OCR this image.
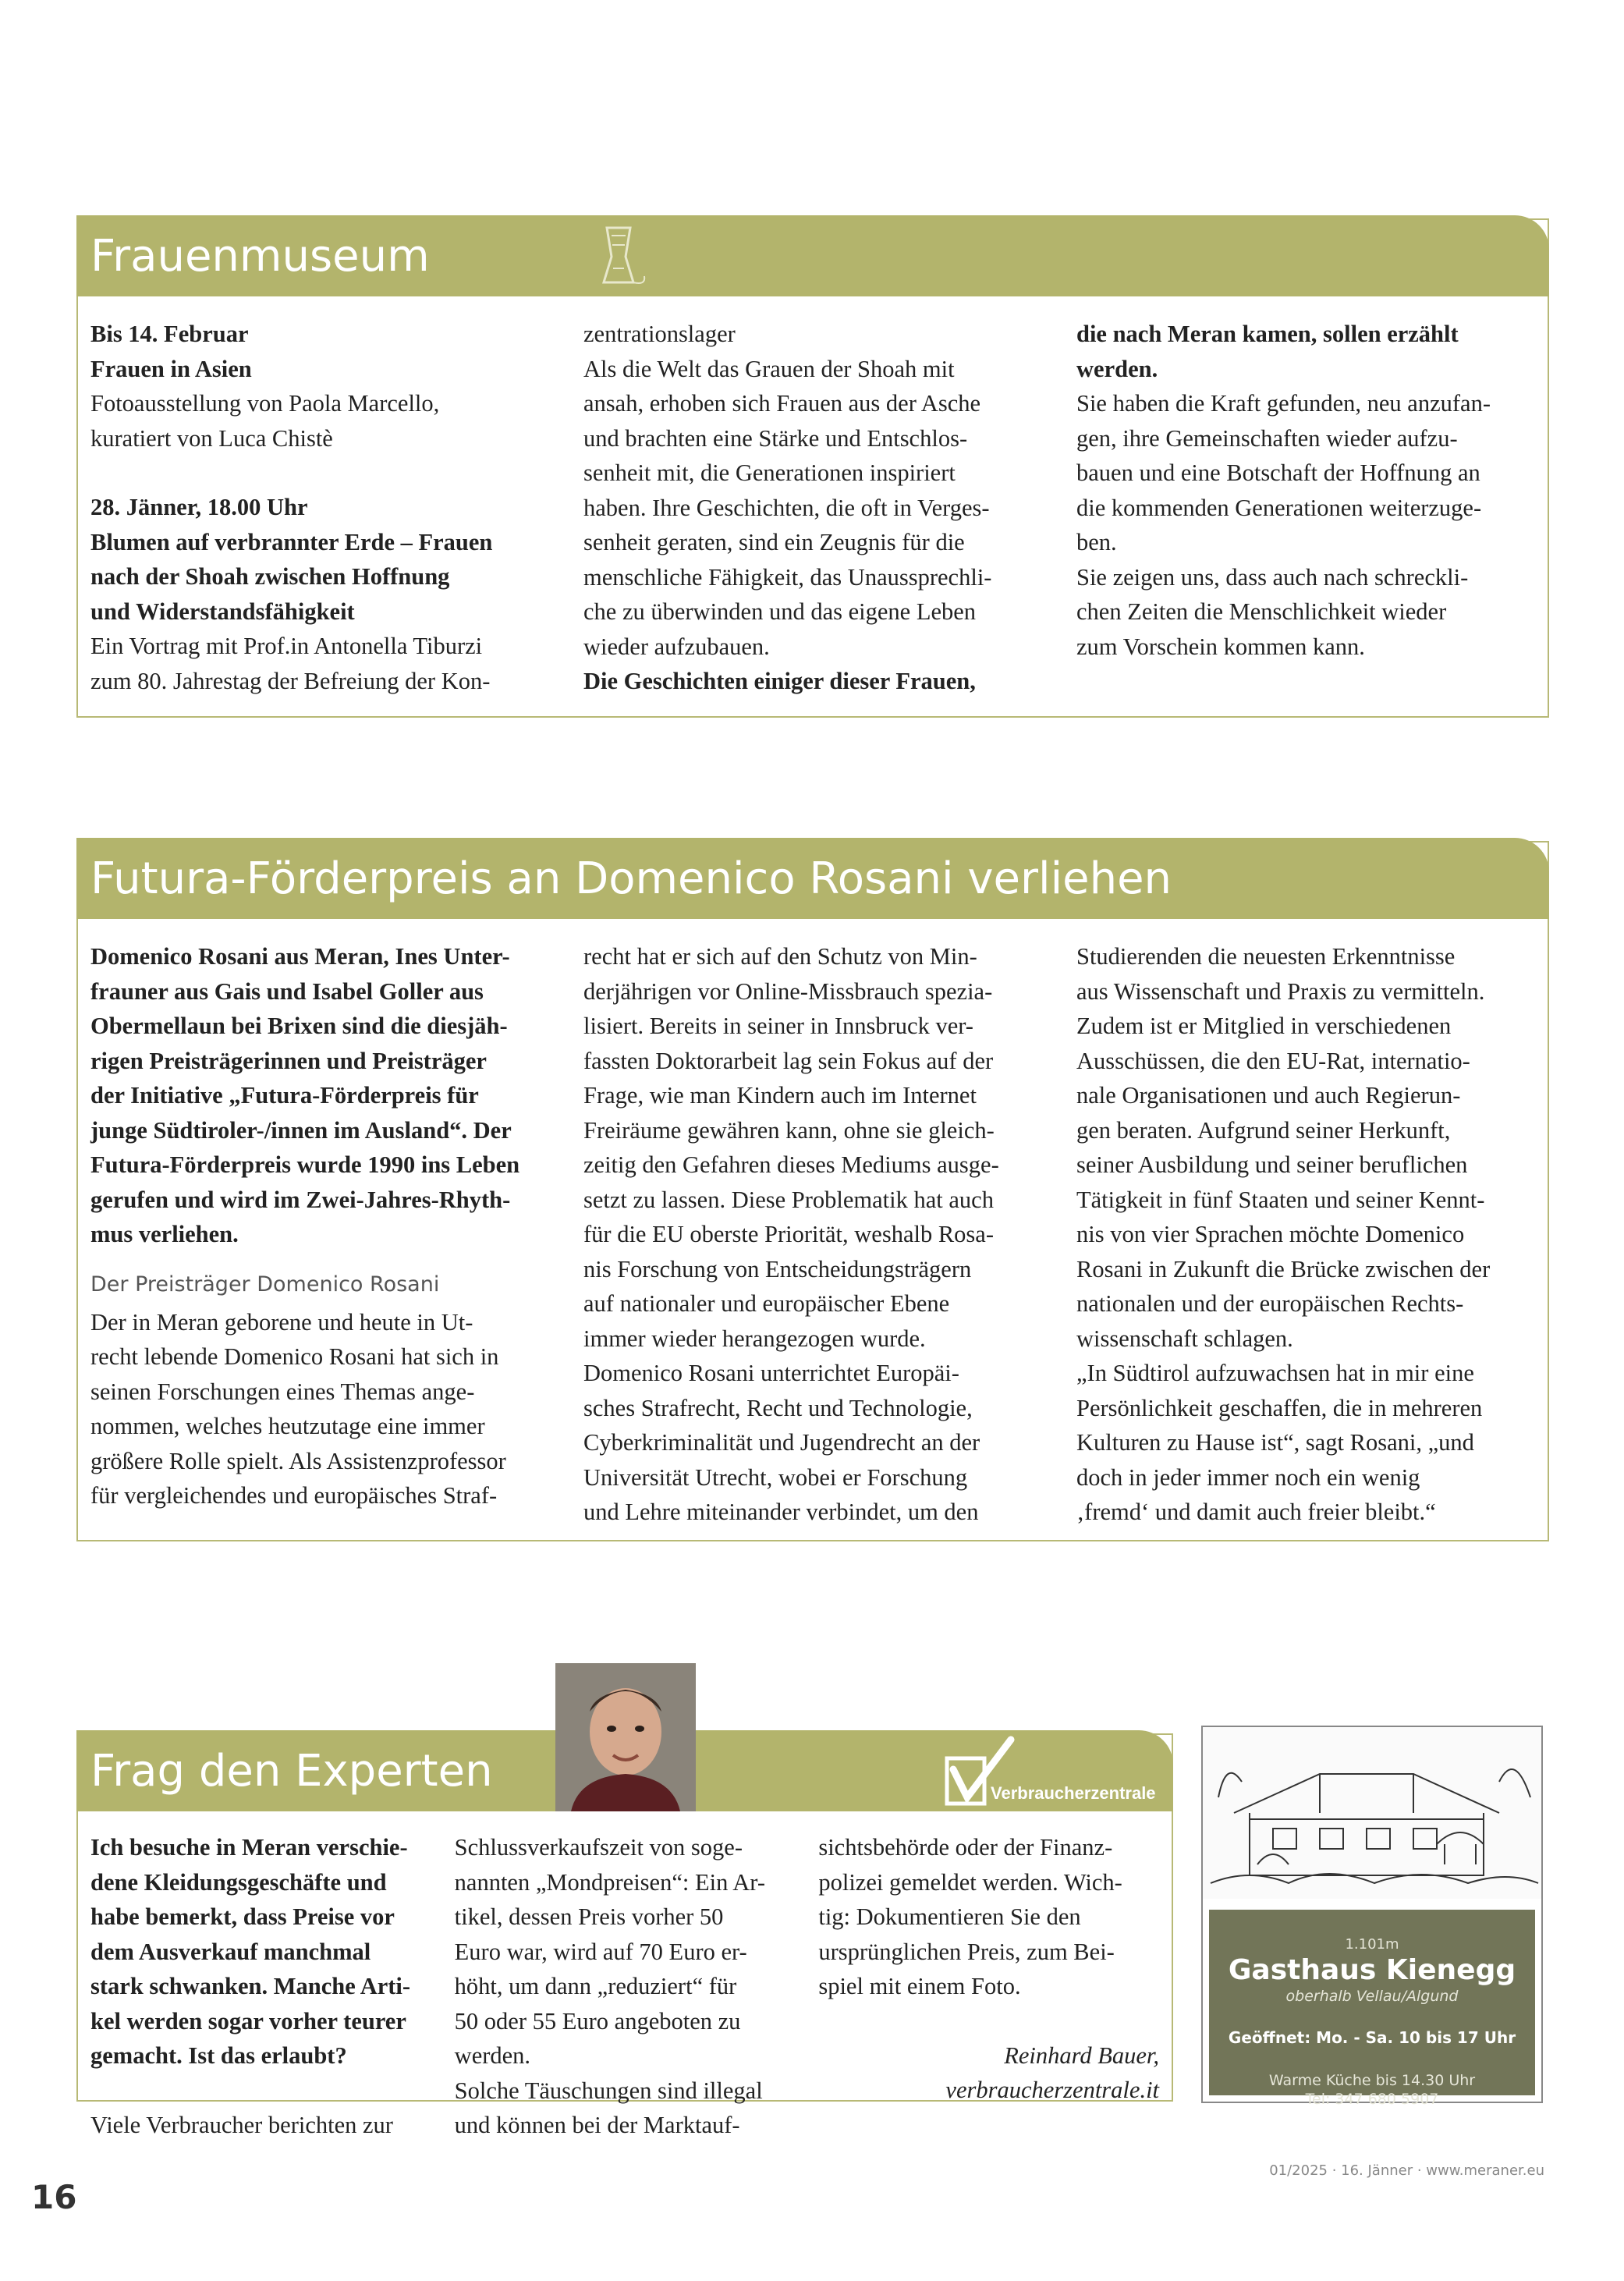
Frauenmuseum

Bis 14. Februar

Frauen in Asien

Fotoausstellung von Paola Marcello,

kuratiert von Luca Chistè

28. Jänner, 18.00 Uhr

Blumen auf verbrannter Erde – Frauen

nach der Shoah zwischen Hoffnung

und Widerstandsfähigkeit

Ein Vortrag mit Prof.in Antonella Tiburzi

zum 80. Jahrestag der Befreiung der Kon-

zentrationslager

Als die Welt das Grauen der Shoah mit

ansah, erhoben sich Frauen aus der Asche

und brachten eine Stärke und Entschlos-

senheit mit, die Generationen inspiriert

haben. Ihre Geschichten, die oft in Verges-

senheit geraten, sind ein Zeugnis für die

menschliche Fähigkeit, das Unaussprechli-

che zu überwinden und das eigene Leben

wieder aufzubauen.

Die Geschichten einiger dieser Frauen,

die nach Meran kamen, sollen erzählt

werden.

Sie haben die Kraft gefunden, neu anzufan-

gen, ihre Gemeinschaften wieder aufzu-

bauen und eine Botschaft der Hoffnung an

die kommenden Generationen weiterzuge-

ben.

Sie zeigen uns, dass auch nach schreckli-

chen Zeiten die Menschlichkeit wieder

zum Vorschein kommen kann.

Futura-Förderpreis an Domenico Rosani verliehen

Domenico Rosani aus Meran, Ines Unter-

frauner aus Gais und Isabel Goller aus

Obermellaun bei Brixen sind die diesjäh-

rigen Preisträgerinnen und Preisträger

der Initiative „Futura-Förderpreis für

junge Südtiroler-/innen im Ausland“. Der

Futura-Förderpreis wurde 1990 ins Leben

gerufen und wird im Zwei-Jahres-Rhyth-

mus verliehen.

Der Preisträger Domenico Rosani

Der in Meran geborene und heute in Ut-

recht lebende Domenico Rosani hat sich in

seinen Forschungen eines Themas ange-

nommen, welches heutzutage eine immer

größere Rolle spielt. Als Assistenzprofessor

für vergleichendes und europäisches Straf-

recht hat er sich auf den Schutz von Min-

derjährigen vor Online-Missbrauch spezia-

lisiert. Bereits in seiner in Innsbruck ver-

fassten Doktorarbeit lag sein Fokus auf der

Frage, wie man Kindern auch im Internet

Freiräume gewähren kann, ohne sie gleich-

zeitig den Gefahren dieses Mediums ausge-

setzt zu lassen. Diese Problematik hat auch

für die EU oberste Priorität, weshalb Rosa-

nis Forschung von Entscheidungsträgern

auf nationaler und europäischer Ebene

immer wieder herangezogen wurde.

Domenico Rosani unterrichtet Europäi-

sches Strafrecht, Recht und Technologie,

Cyberkriminalität und Jugendrecht an der

Universität Utrecht, wobei er Forschung

und Lehre miteinander verbindet, um den

Studierenden die neuesten Erkenntnisse

aus Wissenschaft und Praxis zu vermitteln.

Zudem ist er Mitglied in verschiedenen

Ausschüssen, die den EU-Rat, internatio-

nale Organisationen und auch Regierun-

gen beraten. Aufgrund seiner Herkunft,

seiner Ausbildung und seiner beruflichen

Tätigkeit in fünf Staaten und seiner Kennt-

nis von vier Sprachen möchte Domenico

Rosani in Zukunft die Brücke zwischen der

nationalen und der europäischen Rechts-

wissenschaft schlagen.

„In Südtirol aufzuwachsen hat in mir eine

Persönlichkeit geschaffen, die in mehreren

Kulturen zu Hause ist“, sagt Rosani, „und

doch in jeder immer noch ein wenig

‚fremd‘ und damit auch freier bleibt.“

Frag den Experten	Verbraucherzentrale

Ich besuche in Meran verschie-

dene Kleidungsgeschäfte und

habe bemerkt, dass Preise vor

dem Ausverkauf manchmal

stark schwanken. Manche Arti-

kel werden sogar vorher teurer

gemacht. Ist das erlaubt?

Viele Verbraucher berichten zur

Schlussverkaufszeit von soge-

nannten „Mondpreisen“: Ein Ar-

tikel, dessen Preis vorher 50

Euro war, wird auf 70 Euro er-

höht, um dann „reduziert“ für

50 oder 55 Euro angeboten zu

werden.

Solche Täuschungen sind illegal

und können bei der Marktauf-

sichtsbehörde oder der Finanz-

polizei gemeldet werden. Wich-

tig: Dokumentieren Sie den

ursprünglichen Preis, zum Bei-

spiel mit einem Foto.

Reinhard Bauer,

verbraucherzentrale.it

1.101m
Gasthaus Kienegg
oberhalb Vellau/Algund
Geöffnet: Mo. - Sa. 10 bis 17 Uhr
Warme Küche bis 14.30 Uhr
Tel: 347 680 5907
16
01/2025 · 16. Jänner · www.meraner.eu
